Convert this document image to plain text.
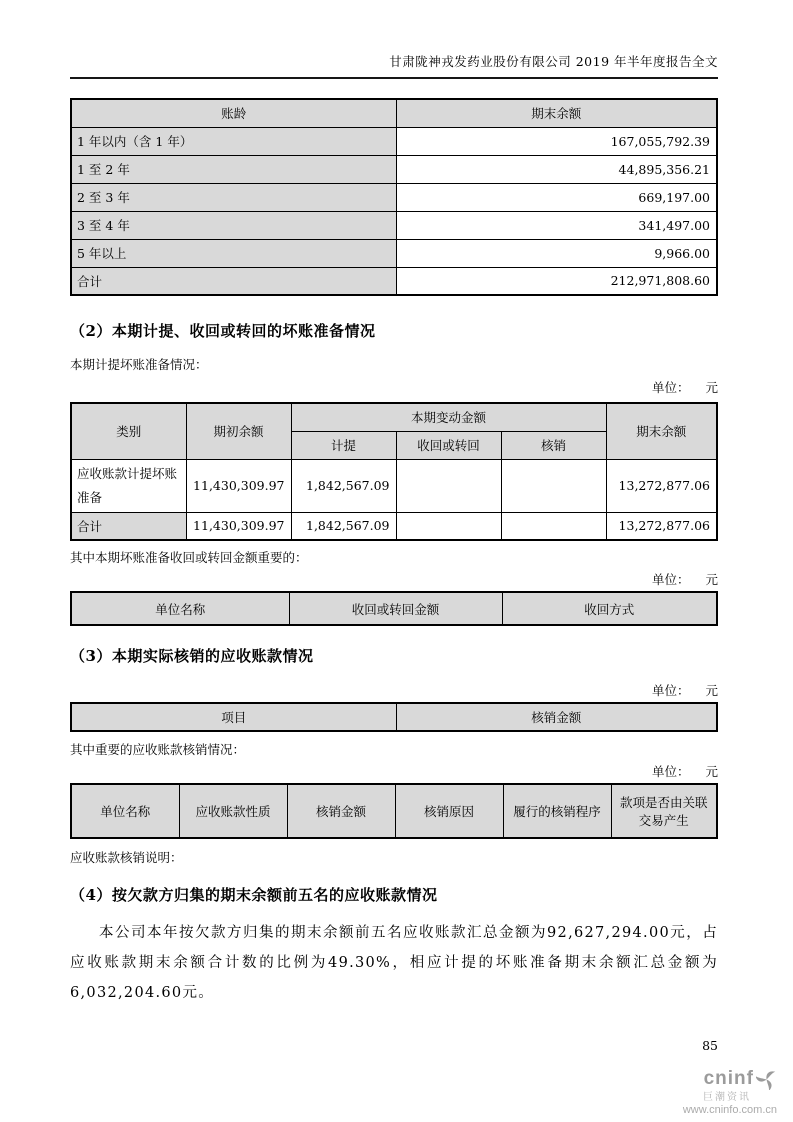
甘肃陇神戎发药业股份有限公司 2019 年半年度报告全文
账龄	期末余额
1 年以内（含 1 年）	167,055,792.39
1 至 2 年	44,895,356.21
2 至 3 年	669,197.00
3 至 4 年	341,497.00
5 年以上	9,966.00
合计	212,971,808.60
（2）本期计提、收回或转回的坏账准备情况
本期计提坏账准备情况：
单位： 元
类别	期初余额	本期变动金额			期末余额
		计提	收回或转回	核销	
应收账款计提坏账准备	11,430,309.97	1,842,567.09			13,272,877.06
合计	11,430,309.97	1,842,567.09			13,272,877.06
其中本期坏账准备收回或转回金额重要的：
单位： 元
单位名称	收回或转回金额	收回方式
（3）本期实际核销的应收账款情况
单位： 元
项目	核销金额
其中重要的应收账款核销情况：
单位： 元
单位名称	应收账款性质	核销金额	核销原因	履行的核销程序	款项是否由关联交易产生
应收账款核销说明：
（4）按欠款方归集的期末余额前五名的应收账款情况
本公司本年按欠款方归集的期末余额前五名应收账款汇总金额为92,627,294.00元，占应收账款期末余额合计数的比例为49.30%，相应计提的坏账准备期末余额汇总金额为6,032,204.60元。
85
cninf
巨潮资讯
www.cninfo.com.cn
